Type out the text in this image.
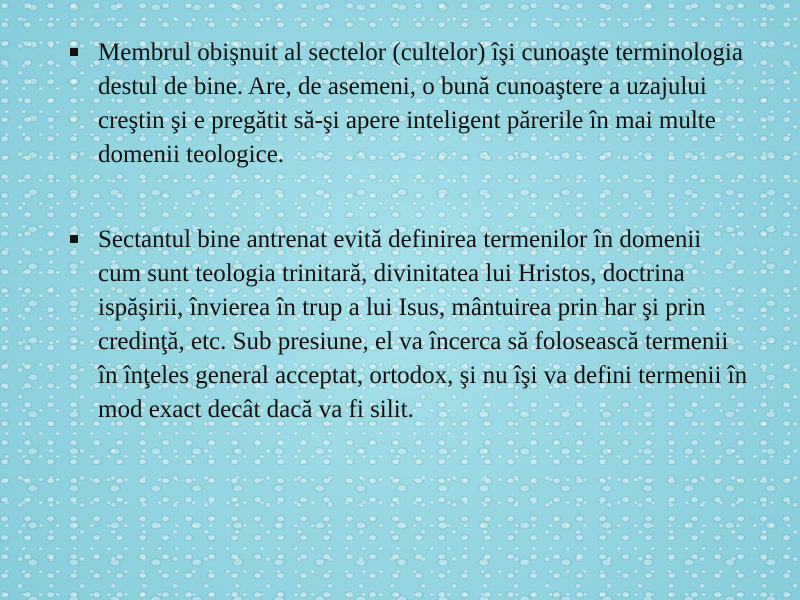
Membrul obişnuit al sectelor (cultelor) îşi cunoaşte terminologia destul de bine. Are, de asemeni, o bună cunoaştere a uzajului creştin şi e pregătit să-şi apere inteligent părerile în mai multe domenii teologice.
Sectantul bine antrenat evită definirea termenilor în domenii cum sunt teologia trinitară, divinitatea lui Hristos, doctrina ispăşirii, învierea în trup a lui Isus, mântuirea prin har şi prin credinţă, etc. Sub presiune, el va încerca să folosească termenii în înţeles general acceptat, ortodox, şi nu îşi va defini termenii în mod exact decât dacă va fi silit.
